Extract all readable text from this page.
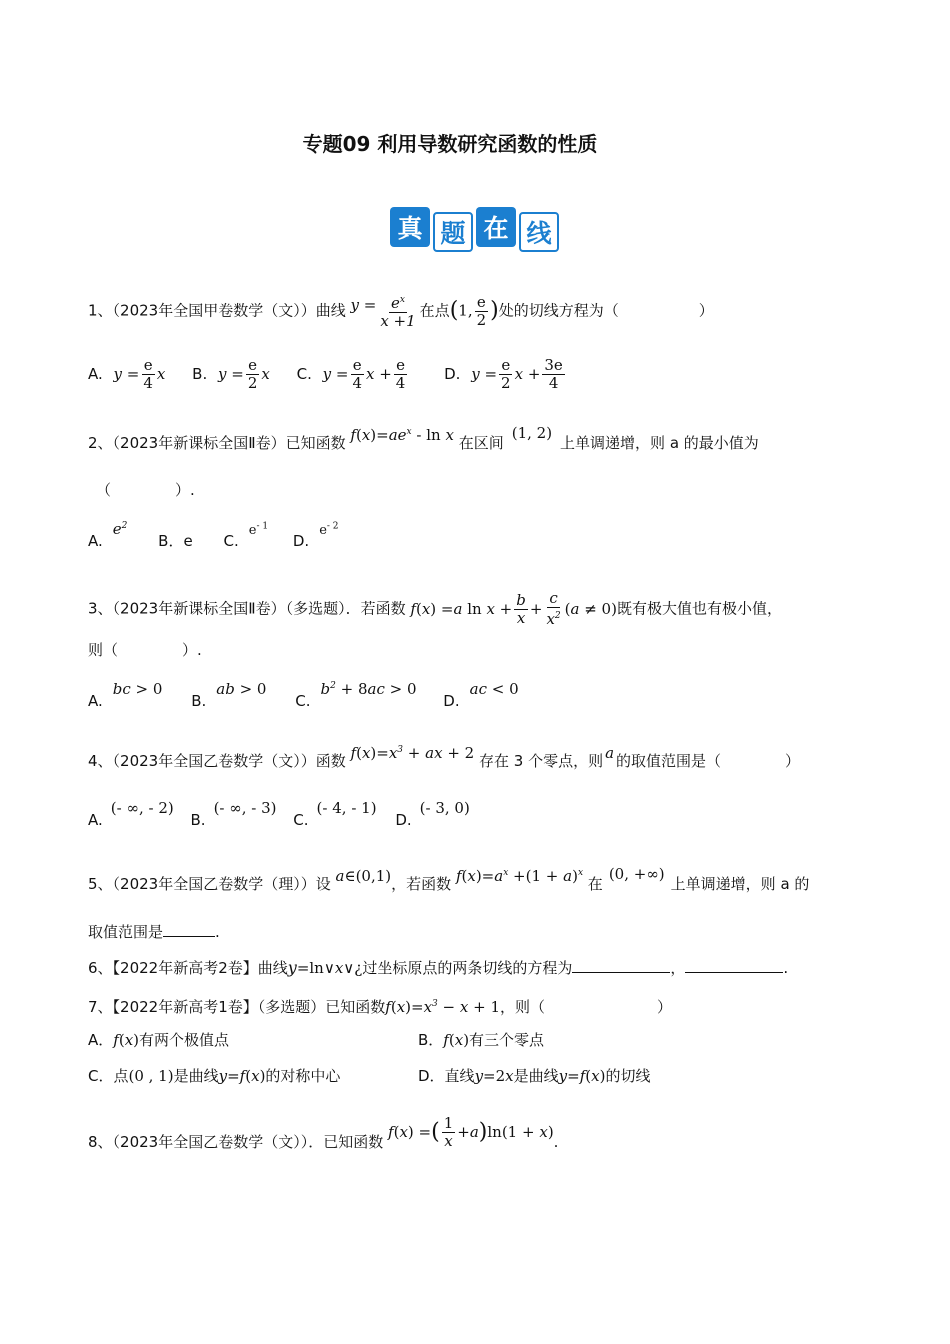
专题09 利用导数研究函数的性质
真 题 在 线
1、（2023年全国甲卷数学（文））曲线 $y = \frac{e^x}{x +1}$ 在点(1, $\frac{e}{2}$ )处的切线方程为（	）
A. $y = \frac{e}{4}$ x B. $y = \frac{e}{2}$ x C. $y = \frac{e}{4}$ $x + \frac{e}{4} D$. $y = \frac{e}{2}$ $x + \frac{3e}{4}$
2、（2023年新课标全国Ⅱ卷）已知函数 $f(x)=ae^x - \ln x$ 在区间(1, 2)上单调递增，则 a 的最小值为
（	）.
$A.e^2$ B．e $C.e^{- 1}$ $D.e^{- 2}$
3、（2023年新课标全国Ⅱ卷）（多选题）．若函数 f(x) =a $\ln x + \frac{b}{x} + \frac{c}{x^2} (a \ne 0)$既有极大值也有极小值，
则（	）.
A.bc > 0 B.ab > 0 $C.b^2 + 8ac > 0$ D.ac < 0
4、（2023年全国乙卷数学（文））函数 $f(x)=x^3$ + ax + 2 存在 3 个零点，则 a 的取值范围是（	）
A.(- ∞, - 2) B.(- ∞, - 3) C.(- 4, - 1) D.(- 3, 0)
5、（2023年全国乙卷数学（理））设 a∈(0,1)，若函数 $f(x)=a^x +(1 + a)^x$ 在(0, +∞)上单调递增，则 a 的
取值范围是	.
6、【2022年新高考2卷】曲线y=ln∨x∨¿过坐标原点的两条切线的方程为	，	.
7、【2022年新高考1卷】（多选题）已知函数$f(x)=x^3 - x + 1$，则（	）
A．f(x)有两个极值点	B．f(x)有三个零点
C．点(0 , 1)是曲线y=f(x)的对称中心	D．直线y=2x是曲线y=f(x)的切线
8、（2023年全国乙卷数学（文））．已知函数 f(x) =( $\frac{1}{x} +a)\ln(1 + x)$.
